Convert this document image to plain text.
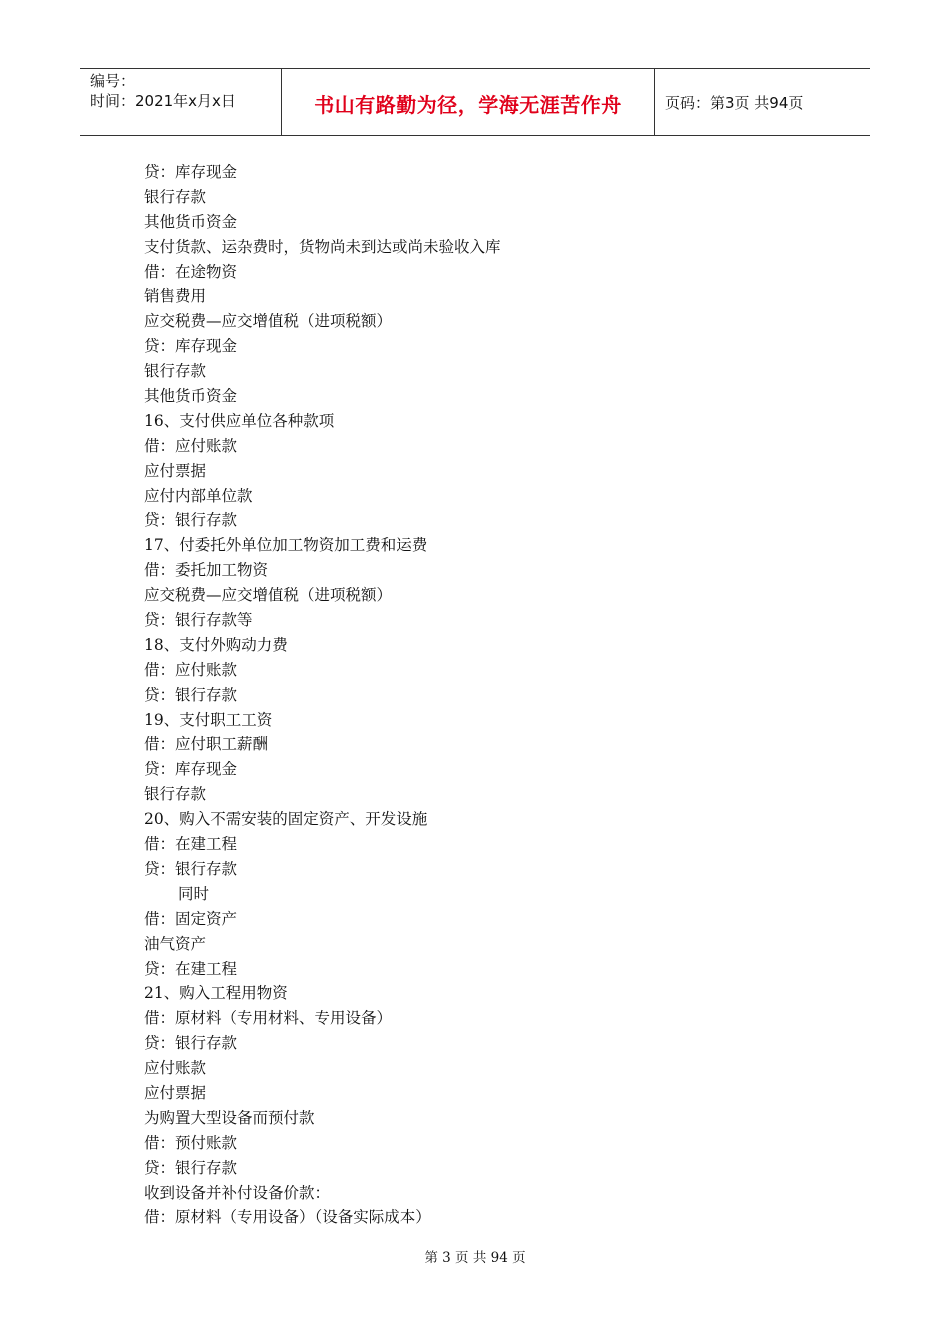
编号：
时间：2021年x月x日	书山有路勤为径，学海无涯苦作舟	页码：第3页 共94页
贷：库存现金
银行存款
其他货币资金
支付货款、运杂费时，货物尚未到达或尚未验收入库
借：在途物资
销售费用
应交税费—应交增值税（进项税额）
贷：库存现金
银行存款
其他货币资金
16、支付供应单位各种款项
借：应付账款
应付票据
应付内部单位款
贷：银行存款
17、付委托外单位加工物资加工费和运费
借：委托加工物资
应交税费—应交增值税（进项税额）
贷：银行存款等
18、支付外购动力费
借：应付账款
贷：银行存款
19、支付职工工资
借：应付职工薪酬
贷：库存现金
银行存款
20、购入不需安装的固定资产、开发设施
借：在建工程
贷：银行存款
同时
借：固定资产
油气资产
贷：在建工程
21、购入工程用物资
借：原材料（专用材料、专用设备）
贷：银行存款
应付账款
应付票据
为购置大型设备而预付款
借：预付账款
贷：银行存款
收到设备并补付设备价款：
借：原材料（专用设备）（设备实际成本）
第 3 页 共 94 页
